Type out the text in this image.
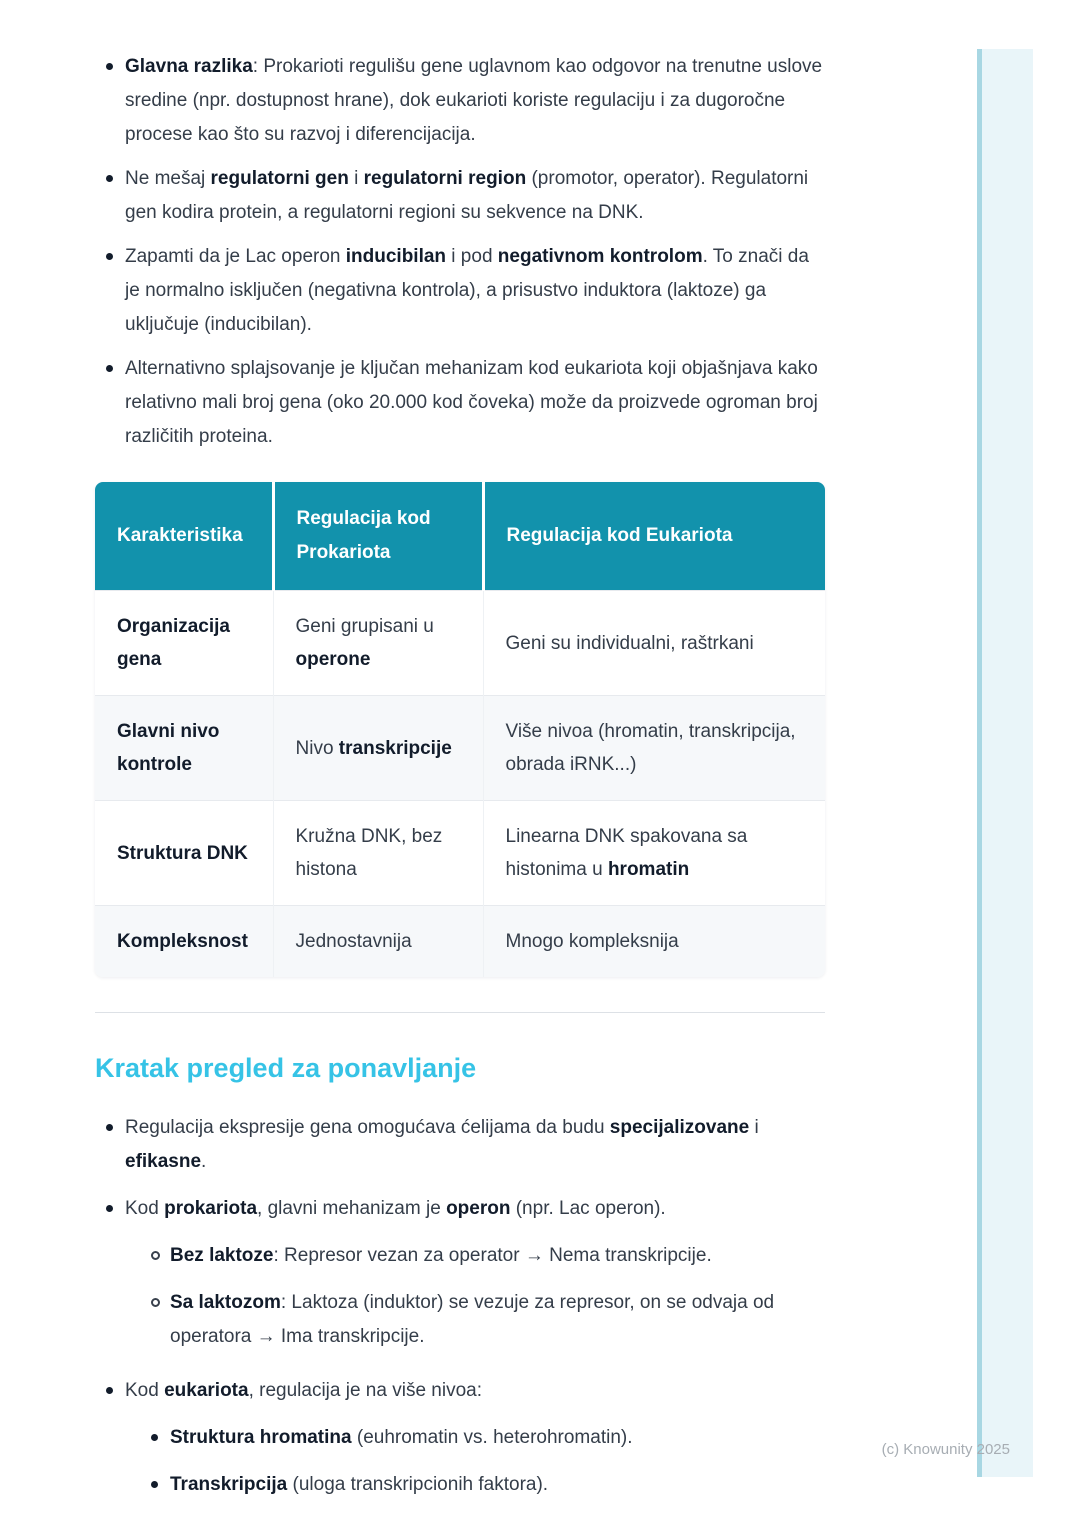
Glavna razlika: Prokarioti regulišu gene uglavnom kao odgovor na trenutne uslove sredine (npr. dostupnost hrane), dok eukarioti koriste regulaciju i za dugoročne procese kao što su razvoj i diferencijacija.
Ne mešaj regulatorni gen i regulatorni region (promotor, operator). Regulatorni gen kodira protein, a regulatorni regioni su sekvence na DNK.
Zapamti da je Lac operon inducibilan i pod negativnom kontrolom. To znači da je normalno isključen (negativna kontrola), a prisustvo induktora (laktoze) ga uključuje (inducibilan).
Alternativno splajsovanje je ključan mehanizam kod eukariota koji objašnjava kako relativno mali broj gena (oko 20.000 kod čoveka) može da proizvede ogroman broj različitih proteina.
Karakteristika	Regulacija kod Prokariota	Regulacija kod Eukariota
Organizacija gena	Geni grupisani u operone	Geni su individualni, raštrkani
Glavni nivo kontrole	Nivo transkripcije	Više nivoa (hromatin, transkripcija, obrada iRNK...)
Struktura DNK	Kružna DNK, bez histona	Linearna DNK spakovana sa histonima u hromatin
Kompleksnost	Jednostavnija	Mnogo kompleksnija
Kratak pregled za ponavljanje
Regulacija ekspresije gena omogućava ćelijama da budu specijalizovane i efikasne.
Kod prokariota, glavni mehanizam je operon (npr. Lac operon).
Bez laktoze: Represor vezan za operator → Nema transkripcije.
Sa laktozom: Laktoza (induktor) se vezuje za represor, on se odvaja od operatora → Ima transkripcije.
Kod eukariota, regulacija je na više nivoa:
Struktura hromatina (euhromatin vs. heterohromatin).
Transkripcija (uloga transkripcionih faktora).
(c) Knowunity 2025
